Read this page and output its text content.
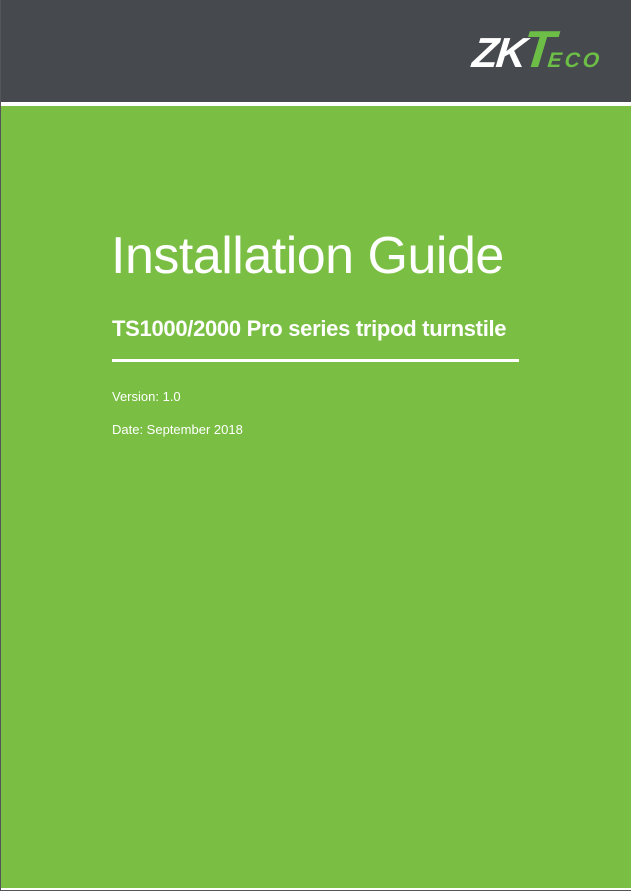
ZK
T
ECO
Installation Guide
TS1000/2000 Pro series tripod turnstile
Version: 1.0
Date: September 2018
